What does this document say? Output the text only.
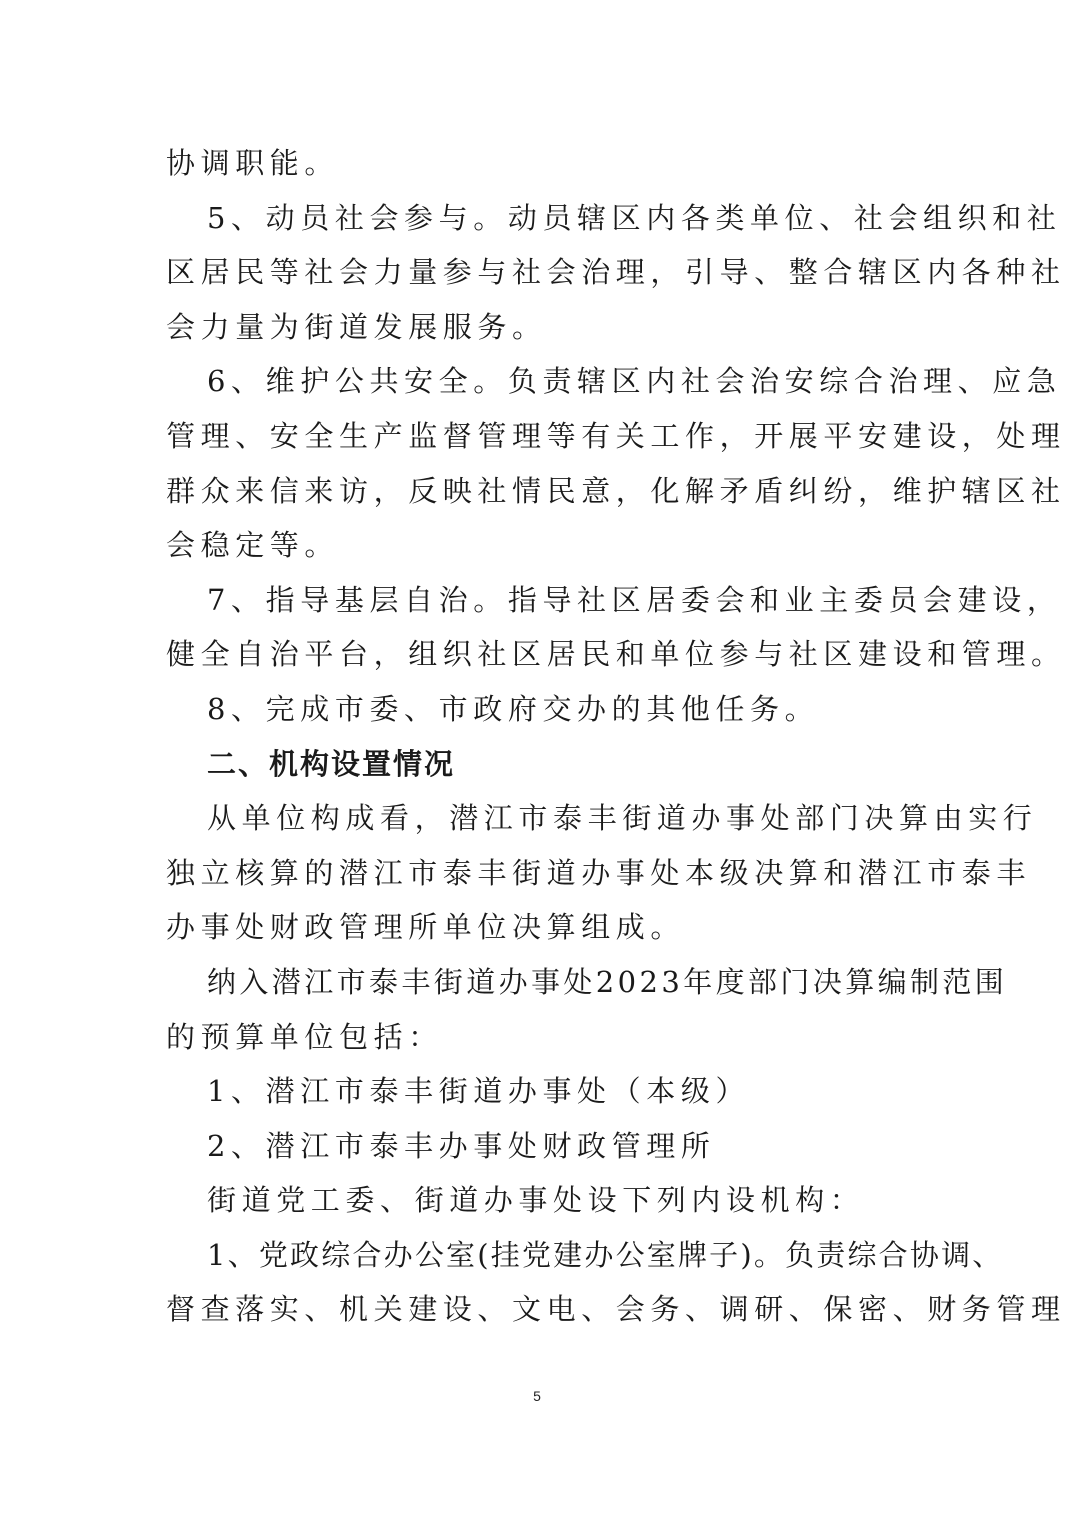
协调职能。
5、动员社会参与。动员辖区内各类单位、社会组织和社
区居民等社会力量参与社会治理，引导、整合辖区内各种社
会力量为街道发展服务。
6、维护公共安全。负责辖区内社会治安综合治理、应急
管理、安全生产监督管理等有关工作，开展平安建设，处理
群众来信来访，反映社情民意，化解矛盾纠纷，维护辖区社
会稳定等。
7、指导基层自治。指导社区居委会和业主委员会建设，
健全自治平台，组织社区居民和单位参与社区建设和管理。
8、完成市委、市政府交办的其他任务。
二、机构设置情况
从单位构成看，潜江市泰丰街道办事处部门决算由实行
独立核算的潜江市泰丰街道办事处本级决算和潜江市泰丰
办事处财政管理所单位决算组成。
纳入潜江市泰丰街道办事处2023年度部门决算编制范围
的预算单位包括：
1、潜江市泰丰街道办事处（本级）
2、潜江市泰丰办事处财政管理所
街道党工委、街道办事处设下列内设机构：
1、党政综合办公室(挂党建办公室牌子)。负责综合协调、
督查落实、机关建设、文电、会务、调研、保密、财务管理
5
